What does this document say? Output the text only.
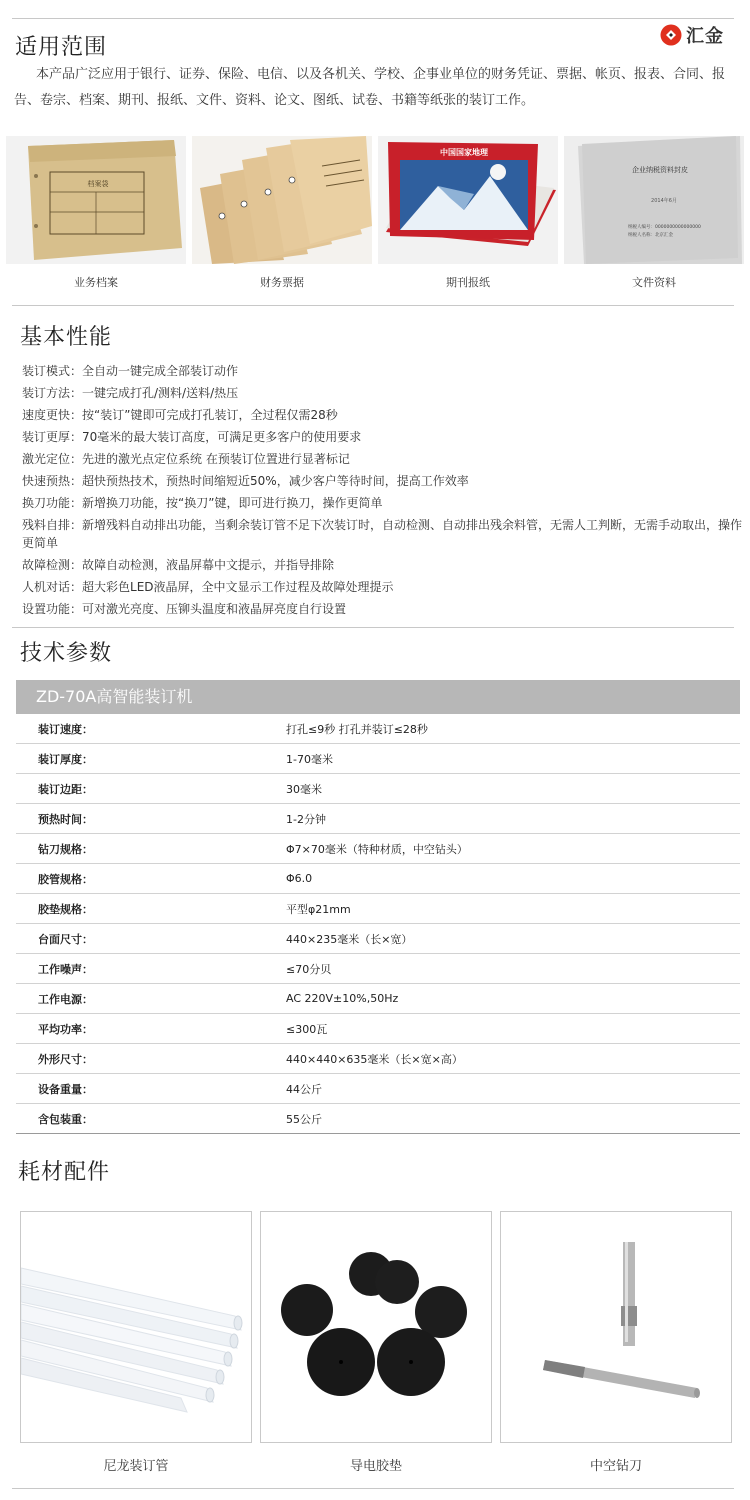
适用范围	汇金

本产品广泛应用于银行、证券、保险、电信、以及各机关、学校、企事业单位的财务凭证、票据、帐页、报表、合同、报告、卷宗、档案、期刊、报纸、文件、资料、论文、图纸、试卷、书籍等纸张的装订工作。

档案袋
业务档案	财务票据
中国国家地理
期刊报纸
企业纳税资料封皮
2014年6月
纳税人编号：0000000000000000
纳税人名称：北京汇金
文件资料
基本性能
装订模式：全自动一键完成全部装订动作
装订方法：一键完成打孔/测料/送料/热压
速度更快：按“装订”键即可完成打孔装订，全过程仅需28秒
装订更厚：70毫米的最大装订高度，可满足更多客户的使用要求
激光定位：先进的激光点定位系统 在预装订位置进行显著标记
快速预热：超快预热技术，预热时间缩短近50%，减少客户等待时间，提高工作效率
换刀功能：新增换刀功能，按“换刀”键，即可进行换刀，操作更简单
残料自排：新增残料自动排出功能，当剩余装订管不足下次装订时，自动检测、自动排出残余料管，无需人工判断，无需手动取出，操作更简单
故障检测：故障自动检测，液晶屏幕中文提示，并指导排除
人机对话：超大彩色LED液晶屏，全中文显示工作过程及故障处理提示
设置功能：可对激光亮度、压铆头温度和液晶屏亮度自行设置
技术参数
ZD-70A高智能装订机
装订速度：	打孔≤9秒 打孔并装订≤28秒
装订厚度：	1-70毫米
装订边距：	30毫米
预热时间：	1-2分钟
钻刀规格：	Φ7×70毫米（特种材质，中空钻头）
胶管规格：	Φ6.0
胶垫规格：	平型φ21mm
台面尺寸：	440×235毫米（长×宽）
工作噪声：	≤70分贝
工作电源：	AC 220V±10%,50Hz
平均功率：	≤300瓦
外形尺寸：	440×440×635毫米（长×宽×高）
设备重量：	44公斤
含包装重：	55公斤
耗材配件
尼龙装订管	导电胶垫	中空钻刀
